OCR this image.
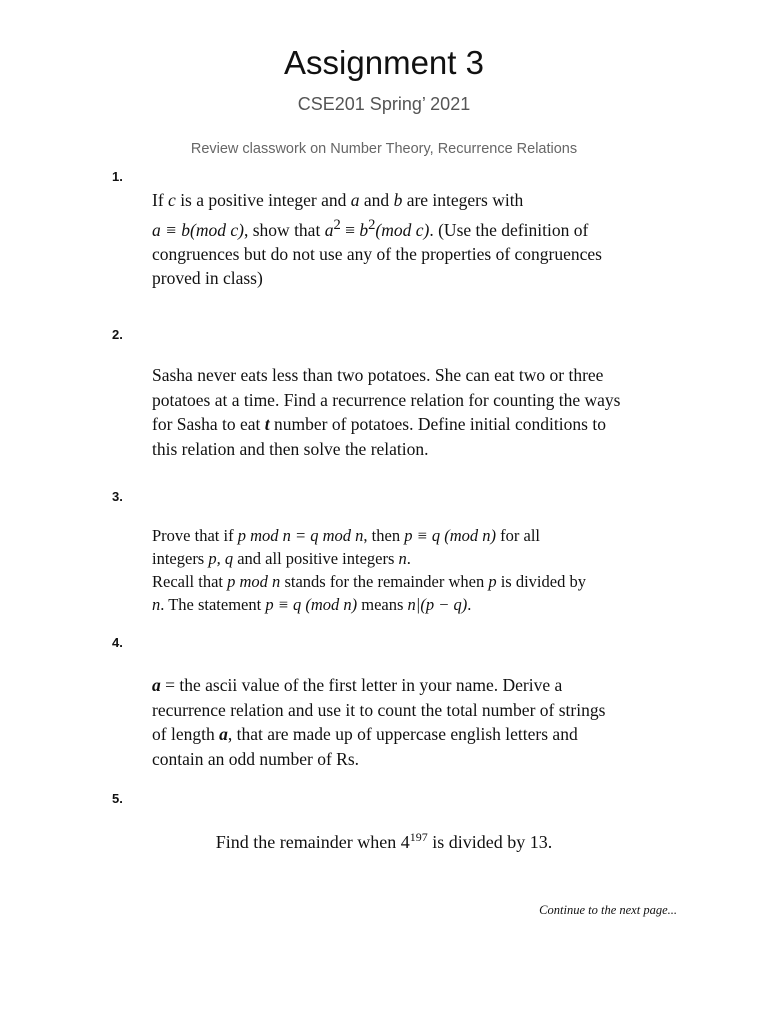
Assignment 3
CSE201 Spring’ 2021
Review classwork on Number Theory, Recurrence Relations
1.
If c is a positive integer and a and b are integers with
a ≡ b(mod c), show that $a^2 \equiv b^2(mod$ c). (Use the definition of congruences but do not use any of the properties of congruences proved in class)
2.
Sasha never eats less than two potatoes. She can eat two or three potatoes at a time. Find a recurrence relation for counting the ways for Sasha to eat t number of potatoes. Define initial conditions to this relation and then solve the relation.
3.
Prove that if p mod n = q mod n, then p ≡ q (mod n) for all
integers p, q and all positive integers n.
Recall that p mod n stands for the remainder when p is divided by
n. The statement p ≡ q (mod n) means n|(p − q).
4.
a = the ascii value of the first letter in your name. Derive a recurrence relation and use it to count the total number of strings of length a, that are made up of uppercase english letters and contain an odd number of Rs.
5.
Find the remainder when $4^{197}$ is divided by 13.
Continue to the next page...
